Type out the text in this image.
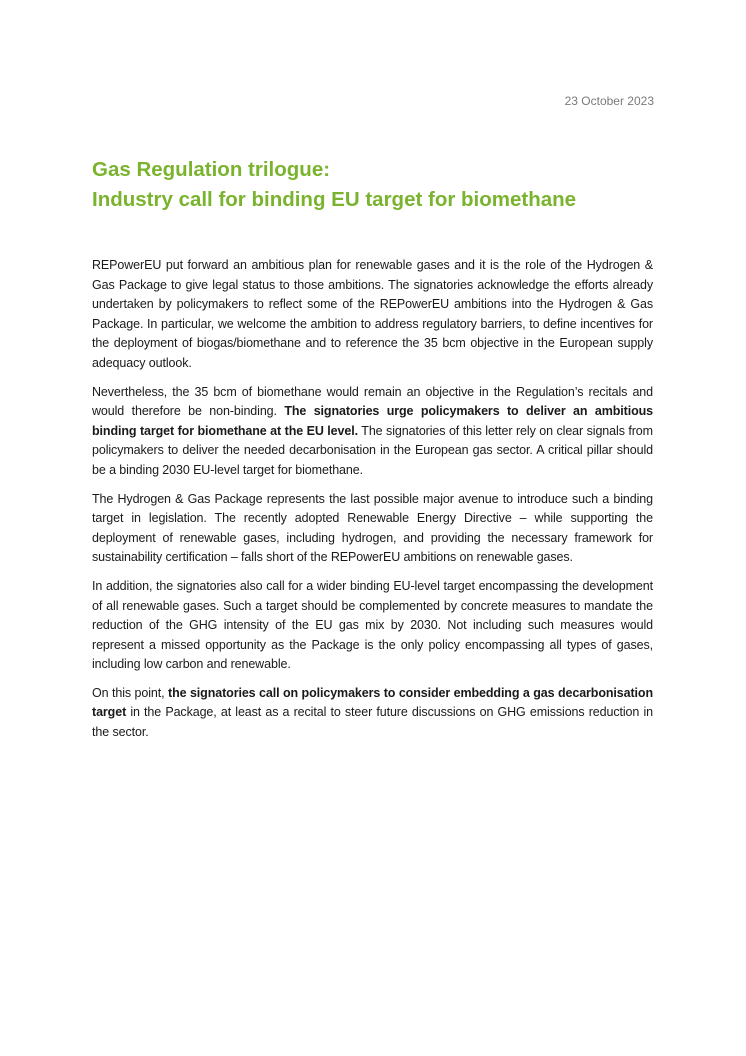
23 October 2023
Gas Regulation trilogue:
Industry call for binding EU target for biomethane

REPowerEU put forward an ambitious plan for renewable gases and it is the role of the Hydrogen & Gas Package to give legal status to those ambitions. The signatories acknowledge the efforts already undertaken by policymakers to reflect some of the REPowerEU ambitions into the Hydrogen & Gas Package. In particular, we welcome the ambition to address regulatory barriers, to define incentives for the deployment of biogas/biomethane and to reference the 35 bcm objective in the European supply adequacy outlook.

Nevertheless, the 35 bcm of biomethane would remain an objective in the Regulation’s recitals and would therefore be non-binding. The signatories urge policymakers to deliver an ambitious binding target for biomethane at the EU level. The signatories of this letter rely on clear signals from policymakers to deliver the needed decarbonisation in the European gas sector. A critical pillar should be a binding 2030 EU-level target for biomethane.

The Hydrogen & Gas Package represents the last possible major avenue to introduce such a binding target in legislation. The recently adopted Renewable Energy Directive – while supporting the deployment of renewable gases, including hydrogen, and providing the necessary framework for sustainability certification – falls short of the REPowerEU ambitions on renewable gases.

In addition, the signatories also call for a wider binding EU-level target encompassing the development of all renewable gases. Such a target should be complemented by concrete measures to mandate the reduction of the GHG intensity of the EU gas mix by 2030. Not including such measures would represent a missed opportunity as the Package is the only policy encompassing all types of gases, including low carbon and renewable.

On this point, the signatories call on policymakers to consider embedding a gas decarbonisation target in the Package, at least as a recital to steer future discussions on GHG emissions reduction in the sector.
